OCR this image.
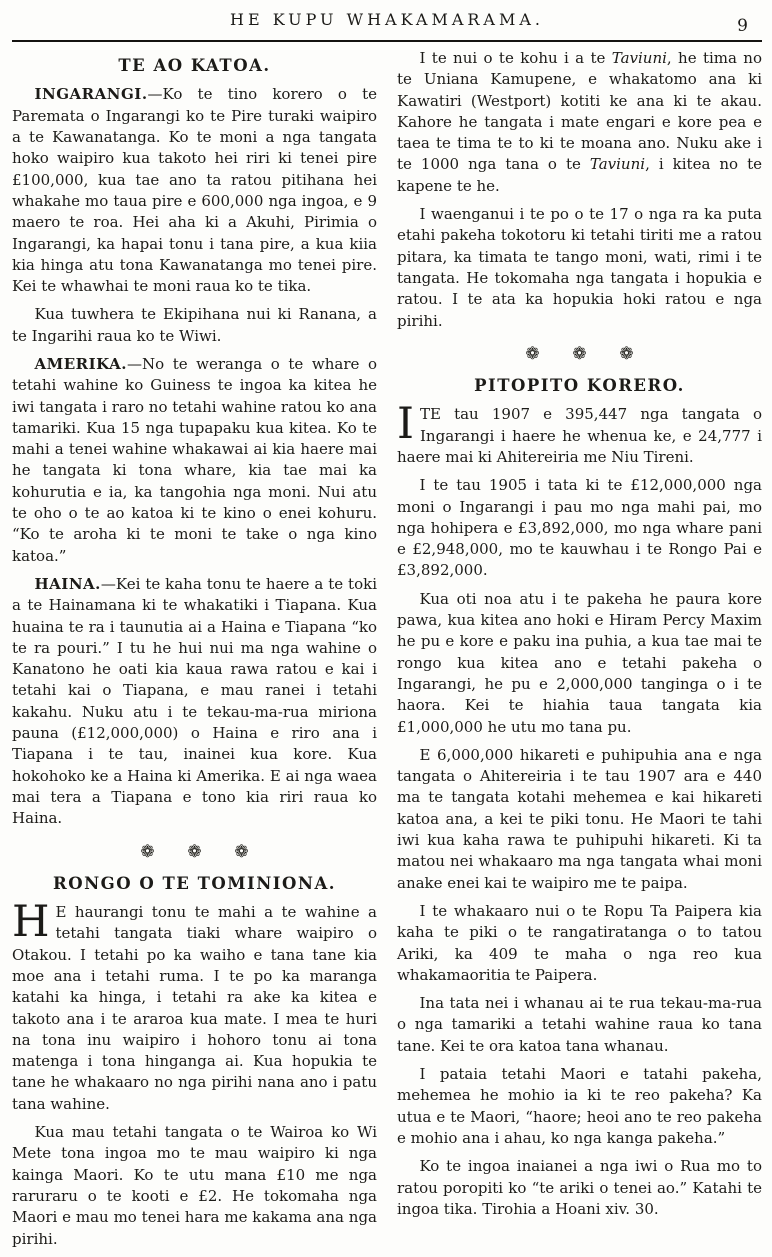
HE KUPU WHAKAMARAMA.	9
TE AO KATOA.

INGARANGI.—Ko te tino korero o te Paremata o Ingarangi ko te Pire turaki waipiro a te Kawanatanga. Ko te moni a nga tangata hoko waipiro kua takoto hei riri ki tenei pire £100,000, kua tae ano ta ratou pitihana hei whakahe mo taua pire e 600,000 nga ingoa, e 9 maero te roa. Hei aha ki a Akuhi, Pirimia o Ingarangi, ka hapai tonu i tana pire, a kua kiia kia hinga atu tona Kawanatanga mo tenei pire. Kei te whawhai te moni raua ko te tika.

Kua tuwhera te Ekipihana nui ki Ranana, a te Ingarihi raua ko te Wiwi.

AMERIKA.—No te weranga o te whare o tetahi wahine ko Guiness te ingoa ka kitea he iwi tangata i raro no tetahi wahine ratou ko ana tamariki. Kua 15 nga tupapaku kua kitea. Ko te mahi a tenei wahine whakawai ai kia haere mai he tangata ki tona whare, kia tae mai ka kohurutia e ia, ka tangohia nga moni. Nui atu te oho o te ao katoa ki te kino o enei kohuru. “Ko te aroha ki te moni te take o nga kino katoa.”

HAINA.—Kei te kaha tonu te haere a te toki a te Hainamana ki te whakatiki i Tiapana. Kua huaina te ra i taunutia ai a Haina e Tiapana “ko te ra pouri.” I tu he hui nui ma nga wahine o Kanatono he oati kia kaua rawa ratou e kai i tetahi kai o Tiapana, e mau ranei i tetahi kakahu. Nuku atu i te tekau-ma-rua miriona pauna (£12,000,000) o Haina e riro ana i Tiapana i te tau, inainei kua kore. Kua hokohoko ke a Haina ki Amerika. E ai nga waea mai tera a Tiapana e tono kia riri raua ko Haina.

❁ ❁ ❁
RONGO O TE TOMINIONA.

H E haurangi tonu te mahi a te wahine a tetahi tangata tiaki whare waipiro o Otakou. I tetahi po ka waiho e tana tane kia moe ana i tetahi ruma. I te po ka maranga katahi ka hinga, i tetahi ra ake ka kitea e takoto ana i te araroa kua mate. I mea te huri na tona inu waipiro i hohoro tonu ai tona matenga i tona hinganga ai. Kua hopukia te tane he whakaaro no nga pirihi nana ano i patu tana wahine.

Kua mau tetahi tangata o te Wairoa ko Wi Mete tona ingoa mo te mau waipiro ki nga kainga Maori. Ko te utu mana £10 me nga raruraru o te kooti e £2. He tokomaha nga Maori e mau mo tenei hara me kakama ana nga pirihi.

I te nui o te kohu i a te Taviuni, he tima no te Uniana Kamupene, e whakatomo ana ki Kawatiri (Westport) kotiti ke ana ki te akau. Kahore he tangata i mate engari e kore pea e taea te tima te to ki te moana ano. Nuku ake i te 1000 nga tana o te Taviuni, i kitea no te kapene te he.

I waenganui i te po o te 17 o nga ra ka puta etahi pakeha tokotoru ki tetahi tiriti me a ratou pitara, ka timata te tango moni, wati, rimi i te tangata. He tokomaha nga tangata i hopukia e ratou. I te ata ka hopukia hoki ratou e nga pirihi.

❁ ❁ ❁
PITOPITO KORERO.

ITE tau 1907 e 395,447 nga tangata o Ingarangi i haere he whenua ke, e 24,777 i haere mai ki Ahitereiria me Niu Tireni.

I te tau 1905 i tata ki te £12,000,000 nga moni o Ingarangi i pau mo nga mahi pai, mo nga hohipera e £3,892,000, mo nga whare pani e £2,948,000, mo te kauwhau i te Rongo Pai e £3,892,000.

Kua oti noa atu i te pakeha he paura kore pawa, kua kitea ano hoki e Hiram Percy Maxim he pu e kore e paku ina puhia, a kua tae mai te rongo kua kitea ano e tetahi pakeha o Ingarangi, he pu e 2,000,000 tanginga o i te haora. Kei te hiahia taua tangata kia £1,000,000 he utu mo tana pu.

E 6,000,000 hikareti e puhipuhia ana e nga tangata o Ahitereiria i te tau 1907 ara e 440 ma te tangata kotahi mehemea e kai hikareti katoa ana, a kei te piki tonu. He Maori te tahi iwi kua kaha rawa te puhipuhi hikareti. Ki ta matou nei whakaaro ma nga tangata whai moni anake enei kai te waipiro me te paipa.

I te whakaaro nui o te Ropu Ta Paipera kia kaha te piki o te rangatiratanga o to tatou Ariki, ka 409 te maha o nga reo kua whakamaoritia te Paipera.

Ina tata nei i whanau ai te rua tekau-ma-rua o nga tamariki a tetahi wahine raua ko tana tane. Kei te ora katoa tana whanau.

I pataia tetahi Maori e tatahi pakeha, mehemea he mohio ia ki te reo pakeha? Ka utua e te Maori, “haore; heoi ano te reo pakeha e mohio ana i ahau, ko nga kanga pakeha.”

Ko te ingoa inaianei a nga iwi o Rua mo to ratou poropiti ko “te ariki o tenei ao.” Katahi te ingoa tika. Tirohia a Hoani xiv. 30.
